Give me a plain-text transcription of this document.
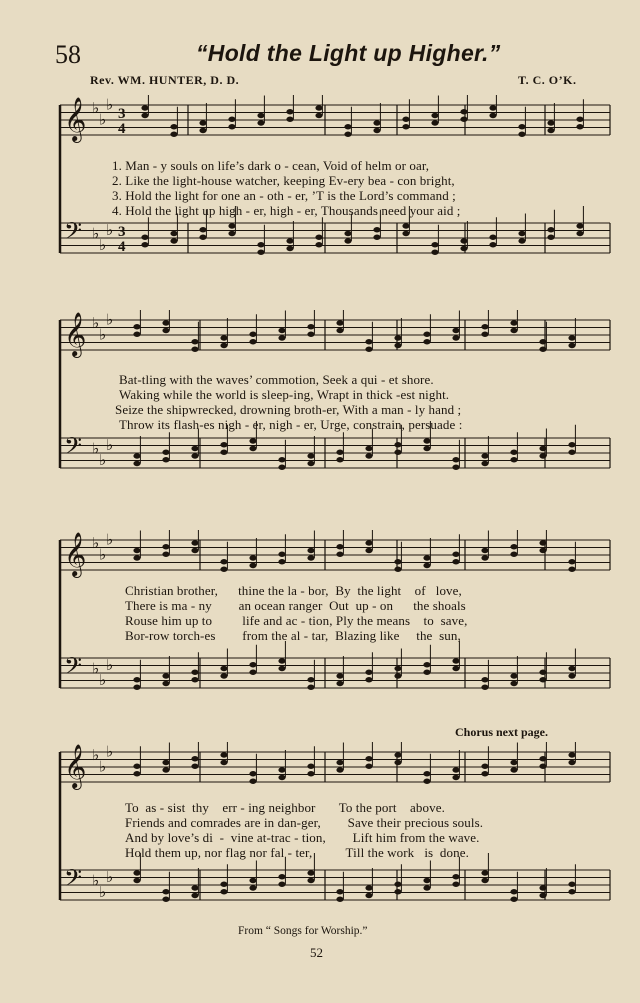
58	“Hold the Light up Higher.”
Rev. WM. HUNTER, D. D.	T. C. O’K.
𝄞 ♭
♭
♭
3
4
𝄢 ♭
♭
♭ 3
4
1. Man - y souls on life’s dark o - cean, Void of helm or oar,
2. Like the light-house watcher, keeping Ev-ery bea - con bright,
3. Hold the light for one an - oth - er, ’T is the Lord’s command ;
4. Hold the light up high - er, high - er, Thousands need your aid ;
𝄞 ♭
♭
♭
𝄢 ♭
♭
♭
Bat-tling with the waves’ commotion, Seek a qui - et shore.
Waking while the world is sleep-ing, Wrapt in thick -est night.
Seize the shipwrecked, drowning broth-er, With a man - ly hand ;
Throw its flash-es nigh - er, nigh - er, Urge, constrain, persuade :
𝄞 ♭
♭
♭
𝄢 ♭
♭
♭
Christian brother,      thine the la - bor,  By  the light    of   love,
There is ma - ny        an ocean ranger  Out  up - on      the shoals
Rouse him up to         life and ac - tion, Ply the means    to  save,
Bor-row torch-es        from the al - tar,  Blazing like     the  sun,
Chorus next page.
𝄞 ♭
♭
♭
𝄢 ♭
♭
♭
To  as - sist  thy    err - ing neighbor       To the port    above.
Friends and comrades are in dan-ger,        Save their precious souls.
And by love’s di  -  vine at-trac - tion,        Lift him from the wave.
Hold them up, nor flag nor fal - ter,          Till the work   is  done.
From “ Songs for Worship.”
52
